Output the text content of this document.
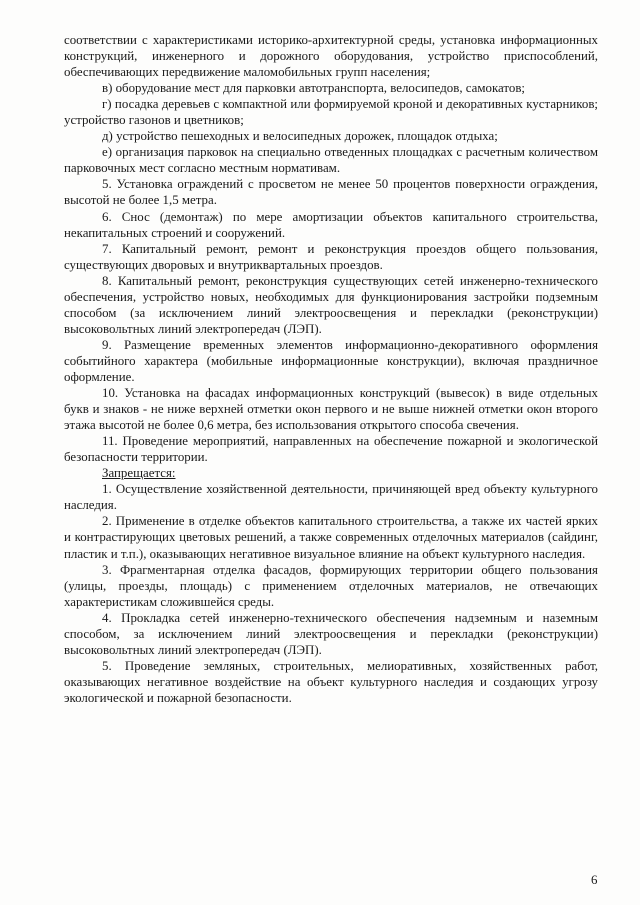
соответствии с характеристиками историко-архитектурной среды, установка информационных конструкций, инженерного и дорожного оборудования, устройство приспособлений, обеспечивающих передвижение маломобильных групп населения;

в) оборудование мест для парковки автотранспорта, велосипедов, самокатов;

г) посадка деревьев с компактной или формируемой кроной и декоративных кустарников; устройство газонов и цветников;

д) устройство пешеходных и велосипедных дорожек, площадок отдыха;

е) организация парковок на специально отведенных площадках с расчетным количеством парковочных мест согласно местным нормативам.

5. Установка ограждений с просветом не менее 50 процентов поверхности ограждения, высотой не более 1,5 метра.

6. Снос (демонтаж) по мере амортизации объектов капитального строительства, некапитальных строений и сооружений.

7. Капитальный ремонт, ремонт и реконструкция проездов общего пользования, существующих дворовых и внутриквартальных проездов.

8. Капитальный ремонт, реконструкция существующих сетей инженерно-технического обеспечения, устройство новых, необходимых для функционирования застройки подземным способом (за исключением линий электроосвещения и перекладки (реконструкции) высоковольтных линий электропередач (ЛЭП).

9. Размещение временных элементов информационно-декоративного оформления событийного характера (мобильные информационные конструкции), включая праздничное оформление.

10. Установка на фасадах информационных конструкций (вывесок) в виде отдельных букв и знаков - не ниже верхней отметки окон первого и не выше нижней отметки окон второго этажа высотой не более 0,6 метра, без использования открытого способа свечения.

11. Проведение мероприятий, направленных на обеспечение пожарной и экологической безопасности территории.

Запрещается:

1. Осуществление хозяйственной деятельности, причиняющей вред объекту культурного наследия.

2. Применение в отделке объектов капитального строительства, а также их частей ярких и контрастирующих цветовых решений, а также современных отделочных материалов (сайдинг, пластик и т.п.), оказывающих негативное визуальное влияние на объект культурного наследия.

3. Фрагментарная отделка фасадов, формирующих территории общего пользования (улицы, проезды, площадь) с применением отделочных материалов, не отвечающих характеристикам сложившейся среды.

4. Прокладка сетей инженерно-технического обеспечения надземным и наземным способом, за исключением линий электроосвещения и перекладки (реконструкции) высоковольтных линий электропередач (ЛЭП).

5. Проведение земляных, строительных, мелиоративных, хозяйственных работ, оказывающих негативное воздействие на объект культурного наследия и создающих угрозу экологической и пожарной безопасности.

6
